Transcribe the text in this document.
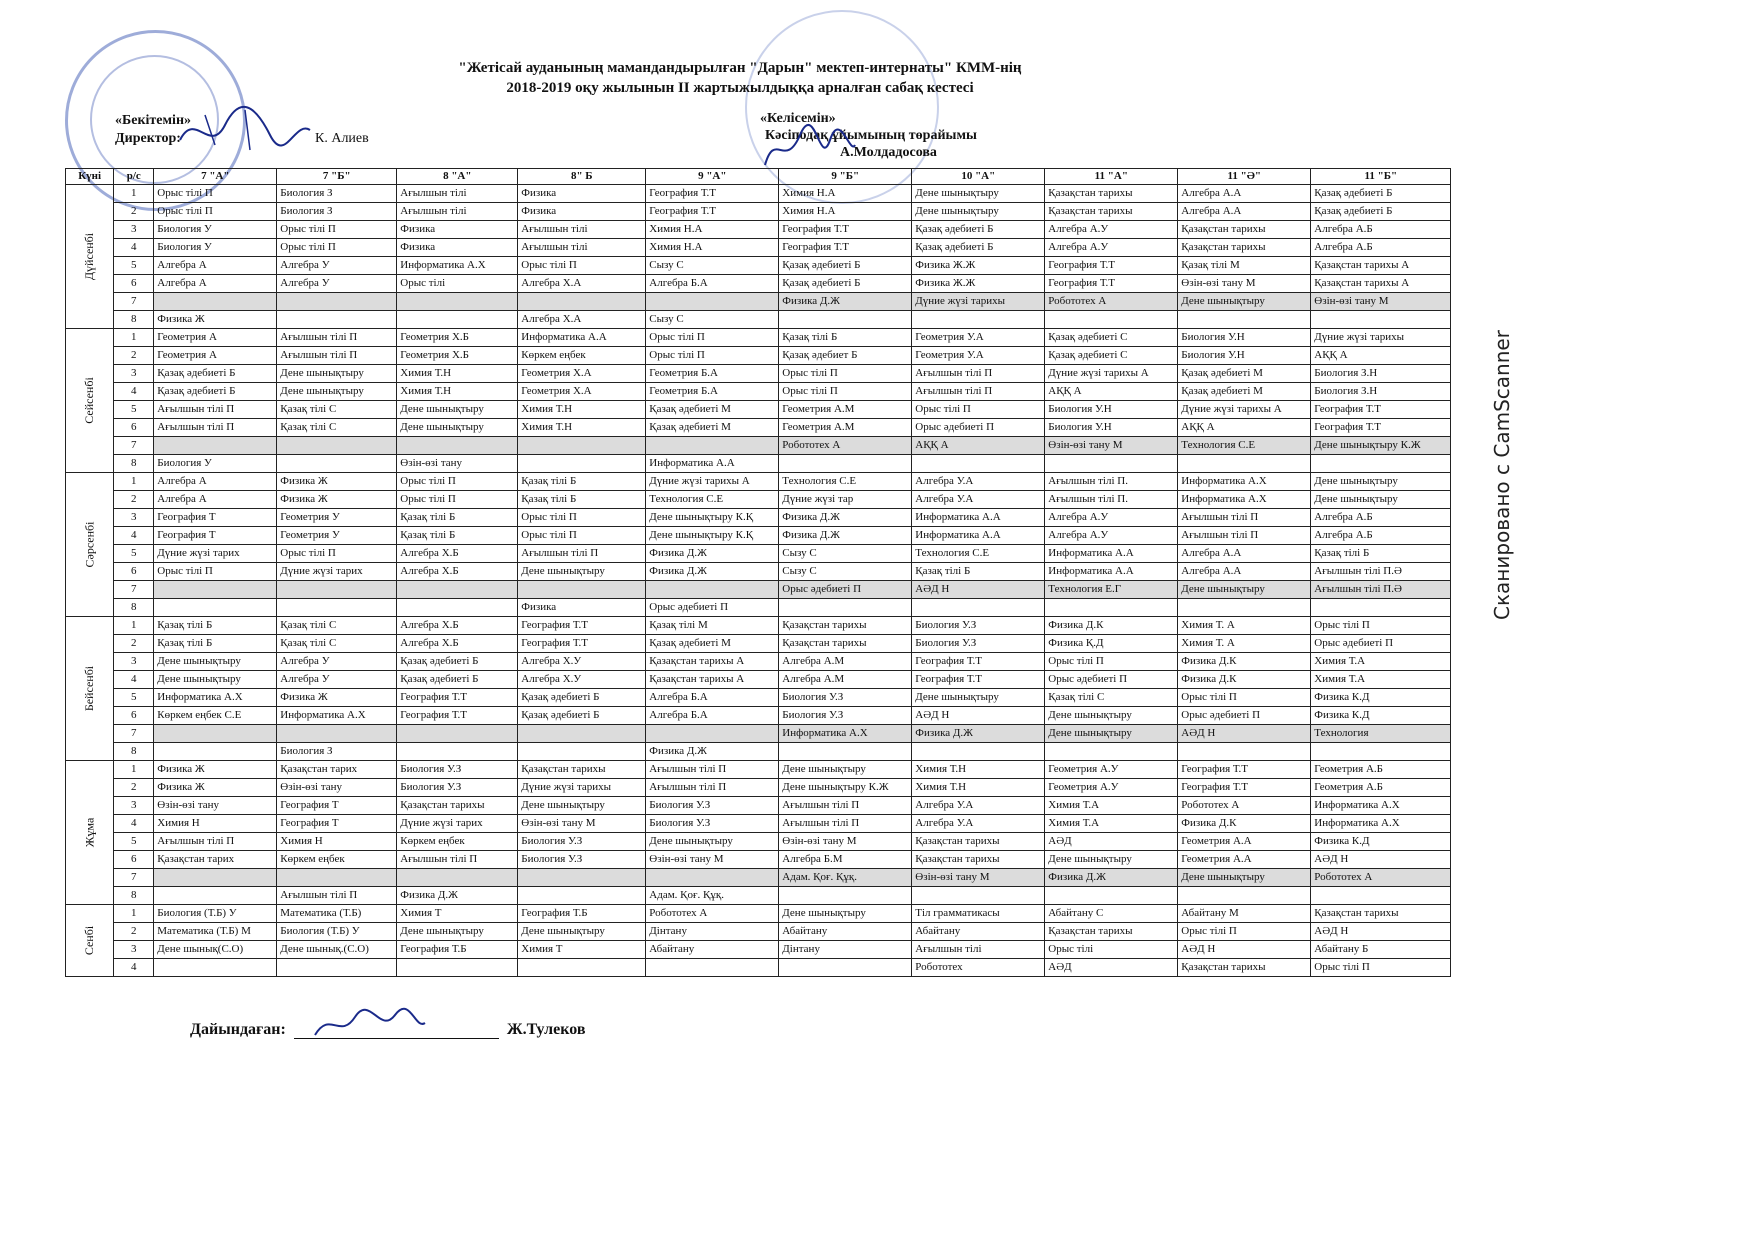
"Жетісай ауданының мамандандырылған "Дарын" мектеп-интернаты" КММ-нің
2018-2019 оқу жылынын ІІ жартыжылдыққа арналған сабақ кестесі
«Бекітемін»
Директор:	К. Алиев
«Келісемін»
Кәсіподақ ұйымының төрайымы
А.Молдадосова
Күні	р/с	7 "А"	7 "Б"	8 "А"	8" Б	9 "А"	9 "Б"	10 "А"	11 "А"	11 "Ә"	11 "Б"
Дүйсенбі	1	Орыс тілі П	Биология З	Ағылшын тілі	Физика	География Т.Т	Химия Н.А	Дене шынықтыру	Қазақстан тарихы	Алгебра А.А	Қазақ әдебиеті Б
	2	Орыс тілі П	Биология З	Ағылшын тілі	Физика	География Т.Т	Химия Н.А	Дене шынықтыру	Қазақстан тарихы	Алгебра А.А	Қазақ әдебиеті Б
	3	Биология У	Орыс тілі П	Физика	Ағылшын тілі	Химия Н.А	География Т.Т	Қазақ әдебиеті Б	Алгебра А.У	Қазақстан тарихы	Алгебра А.Б
	4	Биология У	Орыс тілі П	Физика	Ағылшын тілі	Химия Н.А	География Т.Т	Қазақ әдебиеті Б	Алгебра А.У	Қазақстан тарихы	Алгебра А.Б
	5	Алгебра А	Алгебра У	Информатика А.Х	Орыс тілі П	Сызу С	Қазақ әдебиеті Б	Физика Ж.Ж	География Т.Т	Қазақ тілі М	Қазақстан тарихы А
	6	Алгебра А	Алгебра У	Орыс тілі	Алгебра Х.А	Алгебра Б.А	Қазақ әдебиеті Б	Физика Ж.Ж	География Т.Т	Өзін-өзі тану М	Қазақстан тарихы А
	7						Физика Д.Ж	Дүние жүзі тарихы	Робототех А	Дене шынықтыру	Өзін-өзі тану М
	8	Физика Ж			Алгебра Х.А	Сызу С					
Сейсенбі	1	Геометрия А	Ағылшын тілі П	Геометрия Х.Б	Информатика А.А	Орыс тілі П	Қазақ тілі Б	Геометрия У.А	Қазақ әдебиеті С	Биология У.Н	Дүние жүзі тарихы
	2	Геометрия А	Ағылшын тілі П	Геометрия Х.Б	Көркем еңбек	Орыс тілі П	Қазақ әдебиет Б	Геометрия У.А	Қазақ әдебиеті С	Биология У.Н	АҚҚ А
	3	Қазақ әдебиеті Б	Дене шынықтыру	Химия Т.Н	Геометрия Х.А	Геометрия Б.А	Орыс тілі П	Ағылшын тілі П	Дүние жүзі тарихы А	Қазақ әдебиеті М	Биология З.Н
	4	Қазақ әдебиеті Б	Дене шынықтыру	Химия Т.Н	Геометрия Х.А	Геометрия Б.А	Орыс тілі П	Ағылшын тілі П	АҚҚ А	Қазақ әдебиеті М	Биология З.Н
	5	Ағылшын тілі П	Қазақ тілі С	Дене шынықтыру	Химия Т.Н	Қазақ әдебиеті М	Геометрия А.М	Орыс тілі П	Биология У.Н	Дүние жүзі тарихы А	География Т.Т
	6	Ағылшын тілі П	Қазақ тілі С	Дене шынықтыру	Химия Т.Н	Қазақ әдебиеті М	Геометрия А.М	Орыс әдебиеті П	Биология У.Н	АҚҚ А	География Т.Т
	7						Робототех А	АҚҚ А	Өзін-өзі тану М	Технология С.Е	Дене шынықтыру К.Ж
	8	Биология У		Өзін-өзі тану		Информатика А.А					
Сәрсенбі	1	Алгебра А	Физика Ж	Орыс тілі П	Қазақ тілі Б	Дүние жүзі тарихы А	Технология С.Е	Алгебра У.А	Ағылшын тілі П.	Информатика А.Х	Дене шынықтыру
	2	Алгебра А	Физика Ж	Орыс тілі П	Қазақ тілі Б	Технология С.Е	Дүние жүзі тар	Алгебра У.А	Ағылшын тілі П.	Информатика А.Х	Дене шынықтыру
	3	География Т	Геометрия У	Қазақ тілі Б	Орыс тілі П	Дене шынықтыру К.Қ	Физика Д.Ж	Информатика А.А	Алгебра А.У	Ағылшын тілі П	Алгебра А.Б
	4	География Т	Геометрия У	Қазақ тілі Б	Орыс тілі П	Дене шынықтыру К.Қ	Физика Д.Ж	Информатика А.А	Алгебра А.У	Ағылшын тілі П	Алгебра А.Б
	5	Дүние жүзі тарих	Орыс тілі П	Алгебра Х.Б	Ағылшын тілі П	Физика Д.Ж	Сызу С	Технология С.Е	Информатика А.А	Алгебра А.А	Қазақ тілі Б
	6	Орыс тілі П	Дүние жүзі тарих	Алгебра Х.Б	Дене шынықтыру	Физика Д.Ж	Сызу С	Қазақ тілі Б	Информатика А.А	Алгебра А.А	Ағылшын тілі П.Ә
	7						Орыс әдебиеті П	АӘД Н	Технология Е.Г	Дене шынықтыру	Ағылшын тілі П.Ә
	8				Физика	Орыс әдебиеті П					
Бейсенбі	1	Қазақ тілі Б	Қазақ тілі С	Алгебра Х.Б	География Т.Т	Қазақ тілі М	Қазақстан тарихы	Биология У.З	Физика Д.К	Химия Т. А	Орыс тілі П
	2	Қазақ тілі Б	Қазақ тілі С	Алгебра Х.Б	География Т.Т	Қазақ әдебиеті М	Қазақстан тарихы	Биология У.З	Физика Қ.Д	Химия Т. А	Орыс әдебиеті П
	3	Дене шынықтыру	Алгебра У	Қазақ әдебиеті Б	Алгебра Х.У	Қазақстан тарихы А	Алгебра А.М	География Т.Т	Орыс тілі П	Физика Д.К	Химия Т.А
	4	Дене шынықтыру	Алгебра У	Қазақ әдебиеті Б	Алгебра Х.У	Қазақстан тарихы А	Алгебра А.М	География Т.Т	Орыс әдебиеті П	Физика Д.К	Химия Т.А
	5	Информатика А.Х	Физика Ж	География Т.Т	Қазақ әдебиеті Б	Алгебра Б.А	Биология У.З	Дене шынықтыру	Қазақ тілі С	Орыс тілі П	Физика К.Д
	6	Көркем еңбек С.Е	Информатика А.Х	География Т.Т	Қазақ әдебиеті Б	Алгебра Б.А	Биология У.З	АӘД Н	Дене шынықтыру	Орыс әдебиеті П	Физика К.Д
	7						Информатика А.Х	Физика Д.Ж	Дене шынықтыру	АӘД Н	Технология
	8		Биология З			Физика Д.Ж					
Жұма	1	Физика Ж	Қазақстан тарих	Биология У.З	Қазақстан тарихы	Ағылшын тілі П	Дене шынықтыру	Химия Т.Н	Геометрия А.У	География Т.Т	Геометрия А.Б
	2	Физика Ж	Өзін-өзі тану	Биология У.З	Дүние жүзі тарихы	Ағылшын тілі П	Дене шынықтыру К.Ж	Химия Т.Н	Геометрия А.У	География Т.Т	Геометрия А.Б
	3	Өзін-өзі тану	География Т	Қазақстан тарихы	Дене шынықтыру	Биология У.З	Ағылшын тілі П	Алгебра У.А	Химия Т.А	Робототех А	Информатика А.Х
	4	Химия Н	География Т	Дүние жүзі тарих	Өзін-өзі тану М	Биология У.З	Ағылшын тілі П	Алгебра У.А	Химия Т.А	Физика Д.К	Информатика А.Х
	5	Ағылшын тілі П	Химия Н	Көркем еңбек	Биология У.З	Дене шынықтыру	Өзін-өзі тану М	Қазақстан тарихы	АӘД	Геометрия А.А	Физика К.Д
	6	Қазақстан тарих	Көркем еңбек	Ағылшын тілі П	Биология У.З	Өзін-өзі тану М	Алгебра Б.М	Қазақстан тарихы	Дене шынықтыру	Геометрия А.А	АӘД Н
	7						Адам. Қоғ. Құқ.	Өзін-өзі тану М	Физика Д.Ж	Дене шынықтыру	Робототех А
	8		Ағылшын тілі П	Физика Д.Ж		Адам. Қоғ. Құқ.					
Сенбі	1	Биология (Т.Б) У	Математика (Т.Б)	Химия Т	География Т.Б	Робототех А	Дене шынықтыру	Тіл грамматикасы	Абайтану С	Абайтану М	Қазақстан тарихы
	2	Математика (Т.Б) М	Биология (Т.Б) У	Дене шынықтыру	Дене шынықтыру	Дінтану	Абайтану	Абайтану	Қазақстан тарихы	Орыс тілі П	АӘД Н
	3	Дене шынық(С.О)	Дене шынық.(С.О)	География Т.Б	Химия Т	Абайтану	Дінтану	Ағылшын тілі	Орыс тілі	АӘД Н	Абайтану Б
	4							Робототех	АӘД	Қазақстан тарихы	Орыс тілі П
Дайындаған:	Ж.Тулеков
Сканировано с CamScanner
